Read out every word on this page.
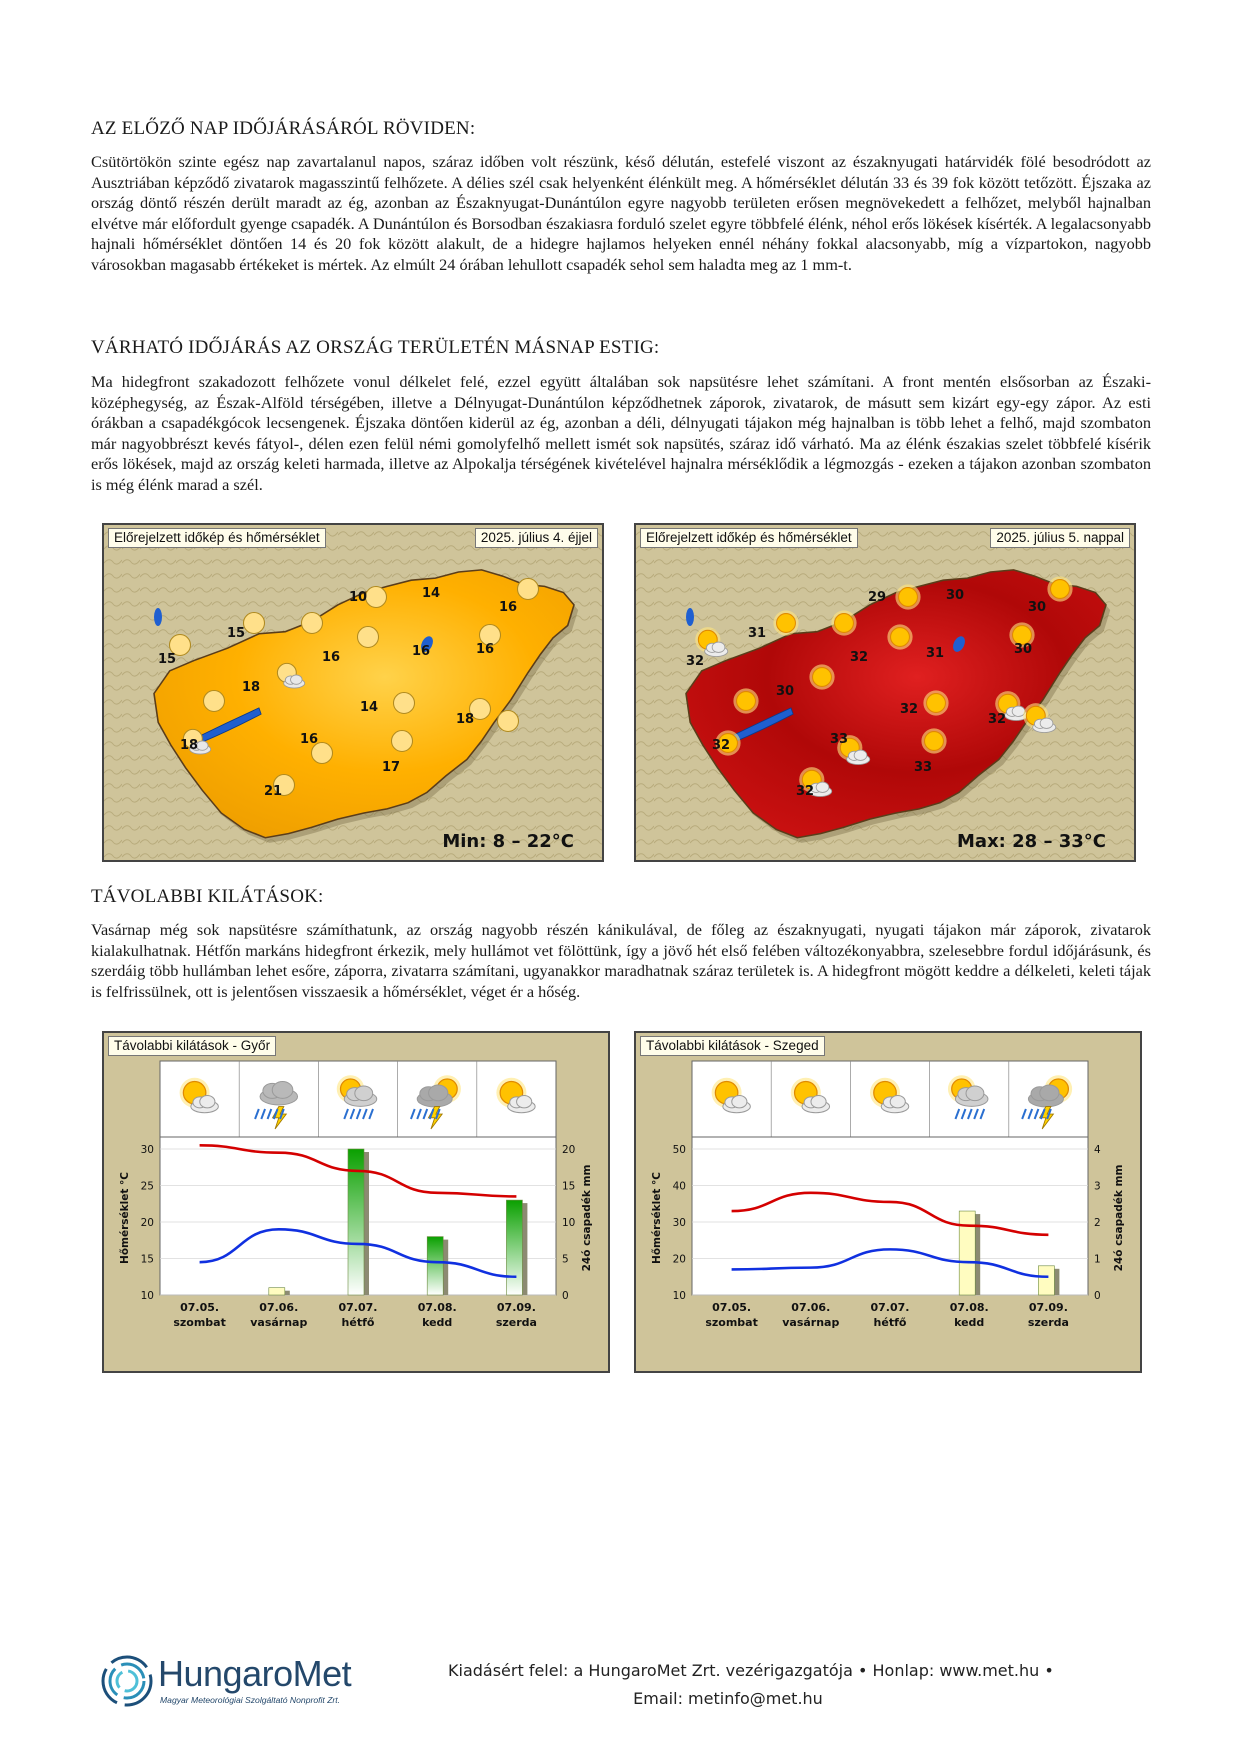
AZ ELŐZŐ NAP IDŐJÁRÁSÁRÓL RÖVIDEN:
Csütörtökön szinte egész nap zavartalanul napos, száraz időben volt részünk, késő délután, estefelé viszont az északnyugati határvidék fölé besodródott az Ausztriában képződő zivatarok magasszintű felhőzete. A délies szél csak helyenként élénkült meg. A hőmérséklet délután 33 és 39 fok között tetőzött. Éjszaka az ország döntő részén derült maradt az ég, azonban az Északnyugat-Dunántúlon egyre nagyobb területen erősen megnövekedett a felhőzet, melyből hajnalban elvétve már előfordult gyenge csapadék. A Dunántúlon és Borsodban északiasra forduló szelet egyre többfelé élénk, néhol erős lökések kísérték. A legalacsonyabb hajnali hőmérséklet döntően 14 és 20 fok között alakult, de a hidegre hajlamos helyeken ennél néhány fokkal alacsonyabb, míg a vízpartokon, nagyobb városokban magasabb értékeket is mértek. Az elmúlt 24 órában lehullott csapadék sehol sem haladta meg az 1 mm-t.
VÁRHATÓ IDŐJÁRÁS AZ ORSZÁG TERÜLETÉN MÁSNAP ESTIG:
Ma hidegfront szakadozott felhőzete vonul délkelet felé, ezzel együtt általában sok napsütésre lehet számítani. A front mentén elsősorban az Északi-középhegység, az Észak-Alföld térségében, illetve a Délnyugat-Dunántúlon képződhetnek záporok, zivatarok, de másutt sem kizárt egy-egy zápor. Az esti órákban a csapadékgócok lecsengenek. Éjszaka döntően kiderül az ég, azonban a déli, délnyugati tájakon még hajnalban is több lehet a felhő, majd szombaton már nagyobbrészt kevés fátyol-, délen ezen felül némi gomolyfelhő mellett ismét sok napsütés, száraz idő várható. Ma az élénk északias szelet többfelé kísérik erős lökések, majd az ország keleti harmada, illetve az Alpokalja térségének kivételével hajnalra mérséklődik a légmozgás - ezeken a tájakon azonban szombaton is még élénk marad a szél.
10	14
16
15
16	16	16
15
18
14
18
16
18
17
21
Előrejelzett időkép és hőmérséklet	2025. július 4. éjjel
Min: 8 – 22°C
29	30
30
31
32	31	30
32
30
32
32
33
32
33
32
Előrejelzett időkép és hőmérséklet	2025. július 5. nappal
Max: 28 – 33°C
TÁVOLABBI KILÁTÁSOK:
Vasárnap még sok napsütésre számíthatunk, az ország nagyobb részén kánikulával, de főleg az északnyugati, nyugati tájakon már záporok, zivatarok kialakulhatnak. Hétfőn markáns hidegfront érkezik, mely hullámot vet fölöttünk, így a jövő hét első felében változékonyabbra, szelesebbre fordul időjárásunk, és szerdáig több hullámban lehet esőre, záporra, zivatarra számítani, ugyanakkor maradhatnak száraz területek is. A hidegfront mögött keddre a délkeleti, keleti tájak is felfrissülnek, ott is jelentősen visszaesik a hőmérséklet, véget ér a hőség.
10
15
20
25
30
0
5
10
15
20
Hőmérséklet °C	24ó csapadék mm
07.05.
szombat
07.06.
vasárnap
07.07.
hétfő
07.08.
kedd
07.09.
szerda
Távolabbi kilátások - Győr
10
20
30
40
50
0
1
2
3
4
Hőmérséklet °C	24ó csapadék mm
07.05.
szombat
07.06.
vasárnap
07.07.
hétfő
07.08.
kedd
07.09.
szerda
Távolabbi kilátások - Szeged
HungaroMet
Magyar Meteorológiai Szolgáltató Nonprofit Zrt.
Kiadásért felel: a HungaroMet Zrt. vezérigazgatója • Honlap: www.met.hu •
Email: metinfo@met.hu
